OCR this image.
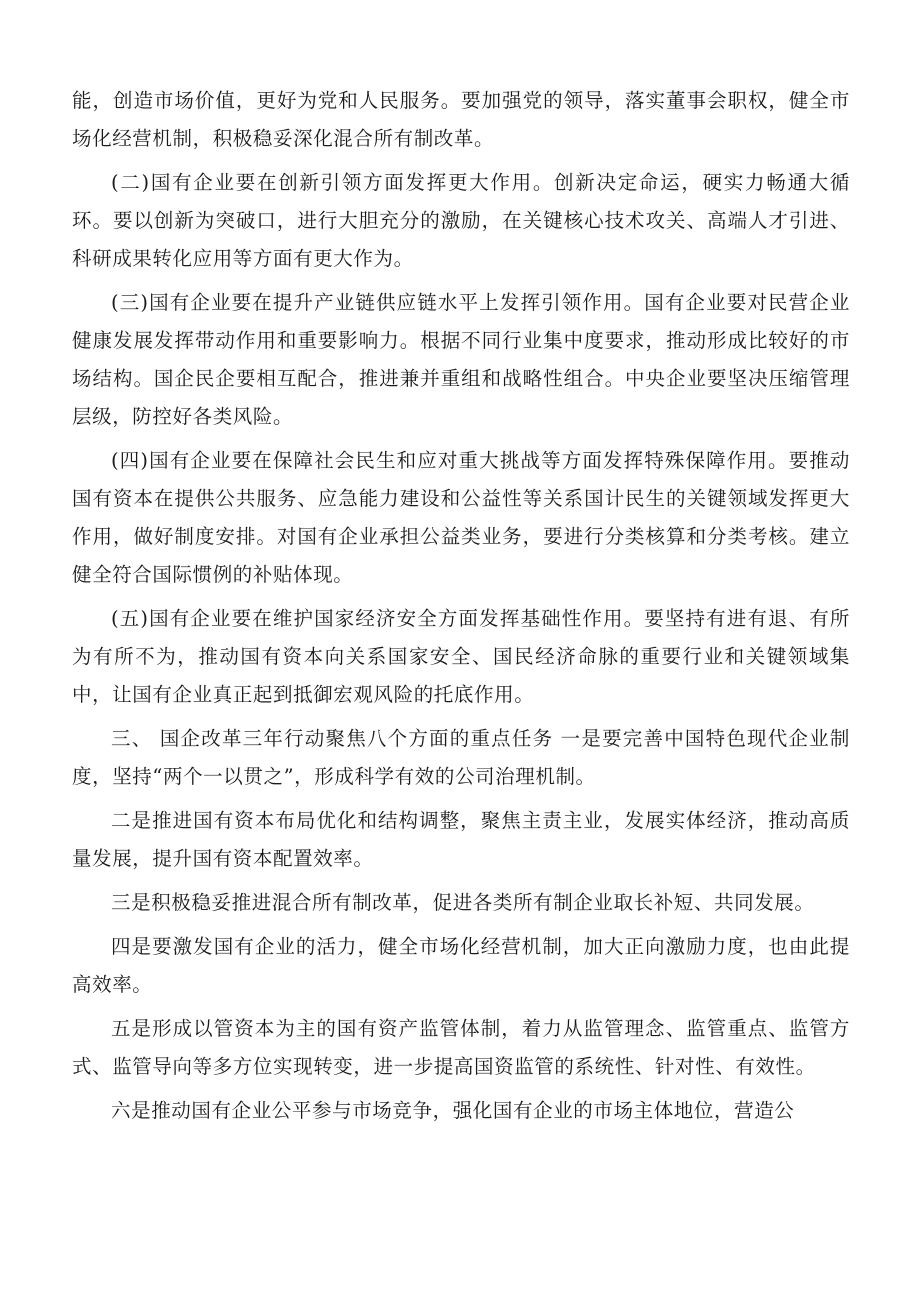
能，创造市场价值，更好为党和人民服务。要加强党的领导，落实董事会职权，健全市场化经营机制，积极稳妥深化混合所有制改革。

(二)国有企业要在创新引领方面发挥更大作用。创新决定命运，硬实力畅通大循环。要以创新为突破口，进行大胆充分的激励，在关键核心技术攻关、高端人才引进、科研成果转化应用等方面有更大作为。

(三)国有企业要在提升产业链供应链水平上发挥引领作用。国有企业要对民营企业健康发展发挥带动作用和重要影响力。根据不同行业集中度要求，推动形成比较好的市场结构。国企民企要相互配合，推进兼并重组和战略性组合。中央企业要坚决压缩管理层级，防控好各类风险。

(四)国有企业要在保障社会民生和应对重大挑战等方面发挥特殊保障作用。要推动国有资本在提供公共服务、应急能力建设和公益性等关系国计民生的关键领域发挥更大作用，做好制度安排。对国有企业承担公益类业务，要进行分类核算和分类考核。建立健全符合国际惯例的补贴体现。

(五)国有企业要在维护国家经济安全方面发挥基础性作用。要坚持有进有退、有所为有所不为，推动国有资本向关系国家安全、国民经济命脉的重要行业和关键领域集中，让国有企业真正起到抵御宏观风险的托底作用。

三、 国企改革三年行动聚焦八个方面的重点任务 一是要完善中国特色现代企业制度，坚持“两个一以贯之”，形成科学有效的公司治理机制。

二是推进国有资本布局优化和结构调整，聚焦主责主业，发展实体经济，推动高质量发展，提升国有资本配置效率。

三是积极稳妥推进混合所有制改革，促进各类所有制企业取长补短、共同发展。

四是要激发国有企业的活力，健全市场化经营机制，加大正向激励力度，也由此提高效率。

五是形成以管资本为主的国有资产监管体制，着力从监管理念、监管重点、监管方式、监管导向等多方位实现转变，进一步提高国资监管的系统性、针对性、有效性。

六是推动国有企业公平参与市场竞争，强化国有企业的市场主体地位，营造公
